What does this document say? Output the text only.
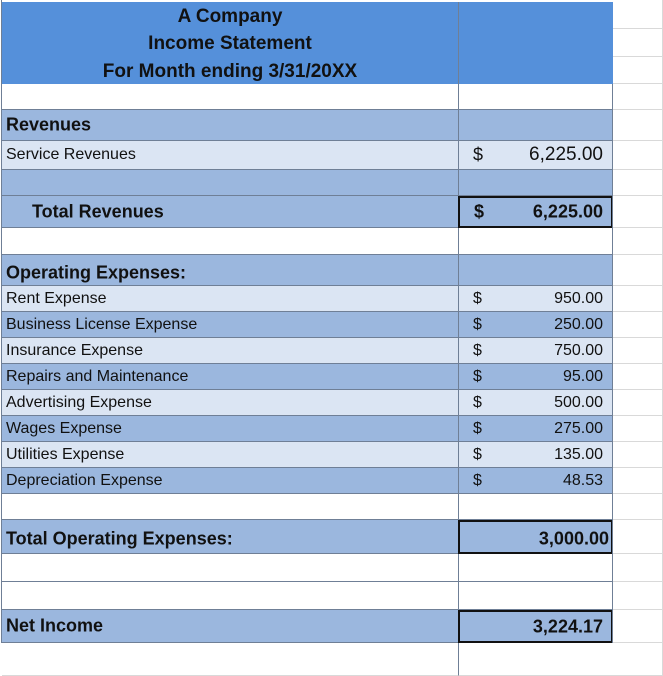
A Company
Income Statement
For Month ending 3/31/20XX
Revenues
Service Revenues	$ 6,225.00
Total Revenues	$	6,225.00
Operating Expenses:
Rent Expense	$	950.00
Business License Expense	$	250.00
Insurance Expense	$	750.00
Repairs and Maintenance	$	95.00
Advertising Expense	$	500.00
Wages Expense	$	275.00
Utilities Expense	$	135.00
Depreciation Expense	$	48.53
Total Operating Expenses:	3,000.00
Net Income	3,224.17
